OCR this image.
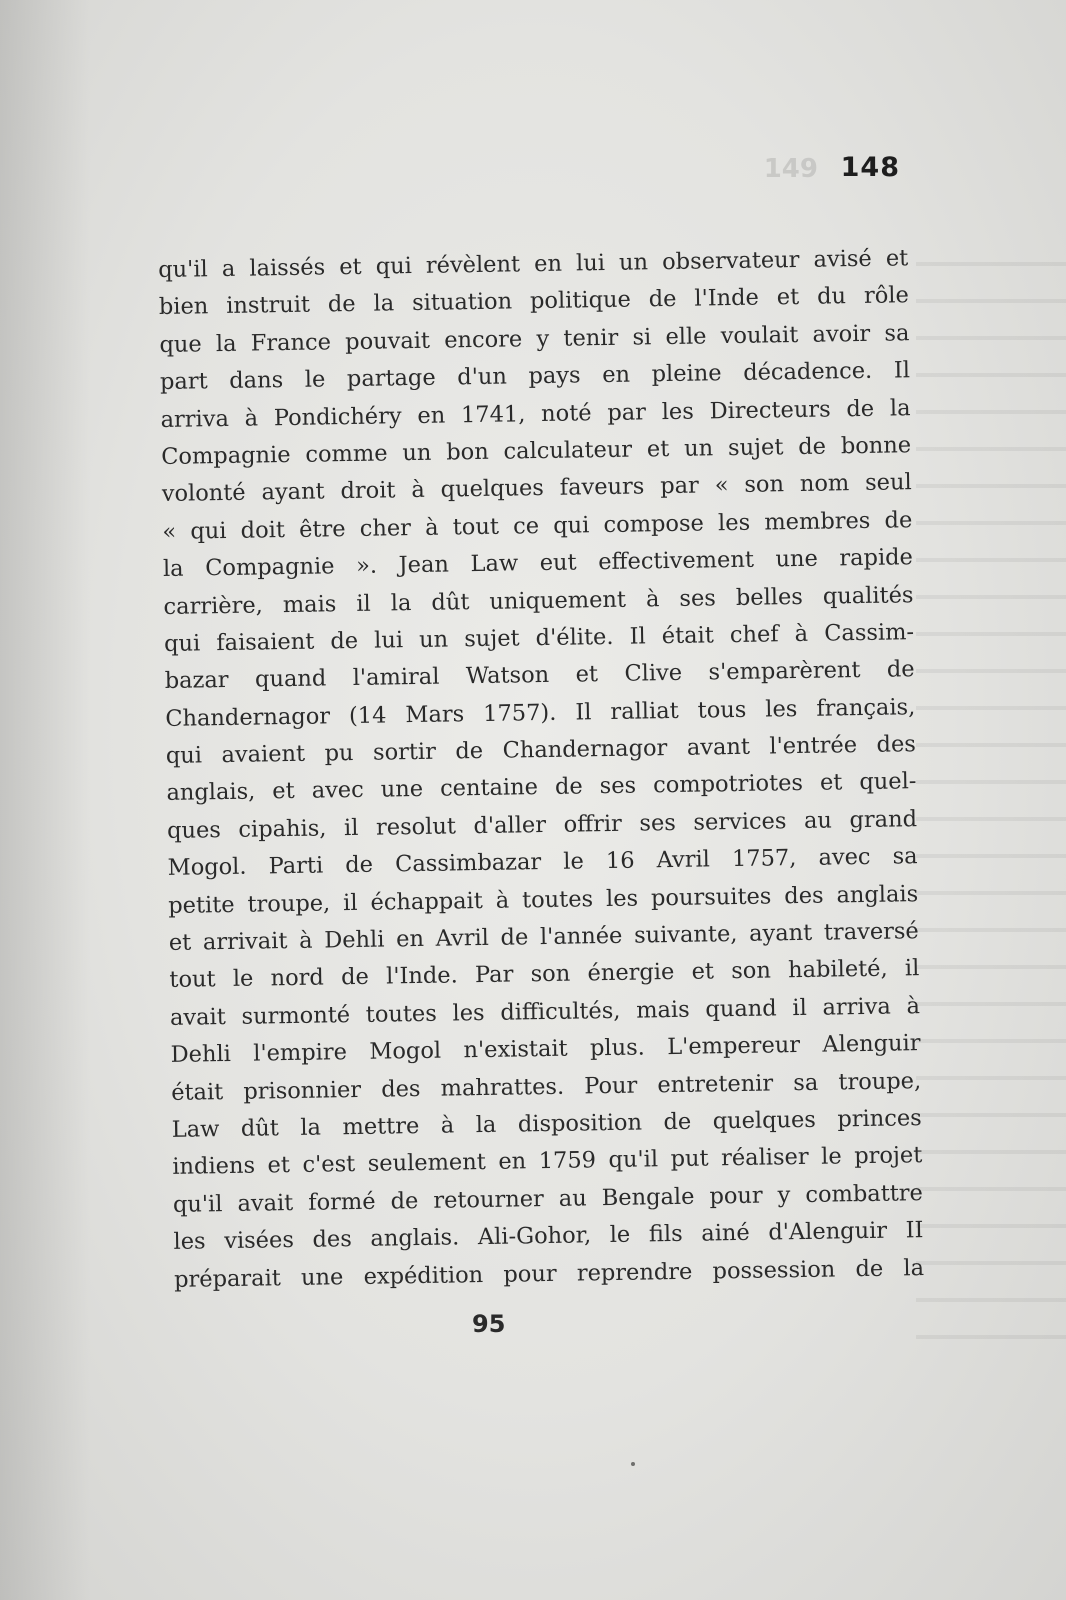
149 148
qu'il a laissés et qui révèlent en lui un observateur avisé et
bien instruit de la situation politique de l'Inde et du rôle
que la France pouvait encore y tenir si elle voulait avoir sa
part dans le partage d'un pays en pleine décadence. Il
arriva à Pondichéry en 1741, noté par les Directeurs de la
Compagnie comme un bon calculateur et un sujet de bonne
volonté ayant droit à quelques faveurs par « son nom seul
« qui doit être cher à tout ce qui compose les membres de
la Compagnie ». Jean Law eut effectivement une rapide
carrière, mais il la dût uniquement à ses belles qualités
qui faisaient de lui un sujet d'élite. Il était chef à Cassim-
bazar quand l'amiral Watson et Clive s'emparèrent de
Chandernagor (14 Mars 1757). Il ralliat tous les français,
qui avaient pu sortir de Chandernagor avant l'entrée des
anglais, et avec une centaine de ses compotriotes et quel-
ques cipahis, il resolut d'aller offrir ses services au grand
Mogol. Parti de Cassimbazar le 16 Avril 1757, avec sa
petite troupe, il échappait à toutes les poursuites des anglais
et arrivait à Dehli en Avril de l'année suivante, ayant traversé
tout le nord de l'Inde. Par son énergie et son habileté, il
avait surmonté toutes les difficultés, mais quand il arriva à
Dehli l'empire Mogol n'existait plus. L'empereur Alenguir
était prisonnier des mahrattes. Pour entretenir sa troupe,
Law dût la mettre à la disposition de quelques princes
indiens et c'est seulement en 1759 qu'il put réaliser le projet
qu'il avait formé de retourner au Bengale pour y combattre
les visées des anglais. Ali-Gohor, le fils ainé d'Alenguir II
préparait une expédition pour reprendre possession de la
95
